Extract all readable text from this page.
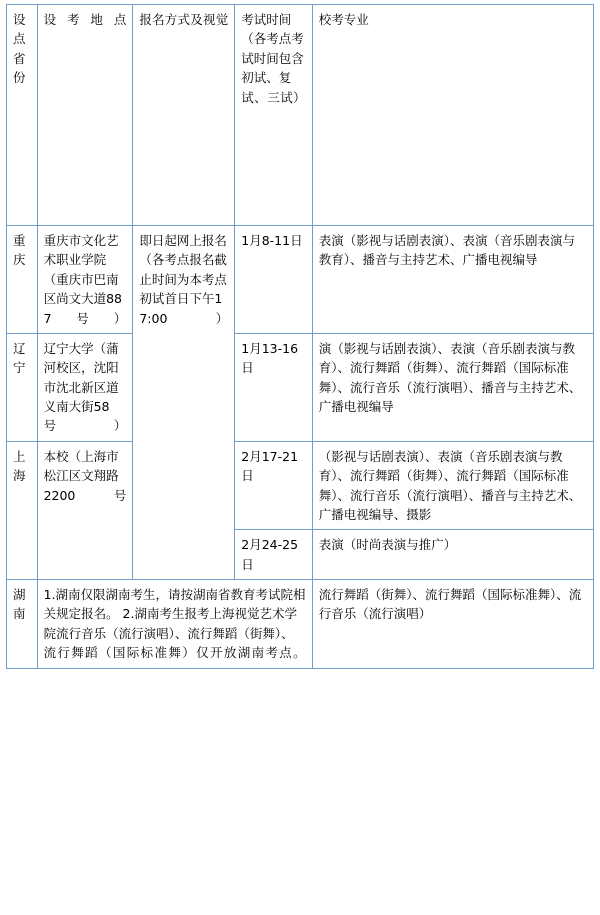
设点省份	设考地点	报名方式及视觉	考试时间（各考点考试时间包含初试、复试、三试）	校考专业
重庆	重庆市文化艺术职业学院（重庆市巴南区尚文大道887号）	即日起网上报名（各考点报名截止时间为本考点初试首日下午17:00）	1月8-11日	表演（影视与话剧表演）、表演（音乐剧表演与教育）、播音与主持艺术、广播电视编导
辽宁	辽宁大学（蒲河校区，沈阳市沈北新区道义南大街58号）		1月13-16日	演（影视与话剧表演）、表演（音乐剧表演与教育）、流行舞蹈（街舞）、流行舞蹈（国际标准舞）、流行音乐（流行演唱）、播音与主持艺术、广播电视编导
上海	本校（上海市松江区文翔路2200号		2月17-21日	（影视与话剧表演）、表演（音乐剧表演与教育）、流行舞蹈（街舞）、流行舞蹈（国际标准舞）、流行音乐（流行演唱）、播音与主持艺术、广播电视编导、摄影
			2月24-25日	表演（时尚表演与推广）
湖南	1.湖南仅限湖南考生，请按湖南省教育考试院相关规定报名。 2.湖南考生报考上海视觉艺术学院流行音乐（流行演唱）、流行舞蹈（街舞）、流行舞蹈（国际标准舞）仅开放湖南考点。			流行舞蹈（街舞）、流行舞蹈（国际标准舞）、流行音乐（流行演唱）
